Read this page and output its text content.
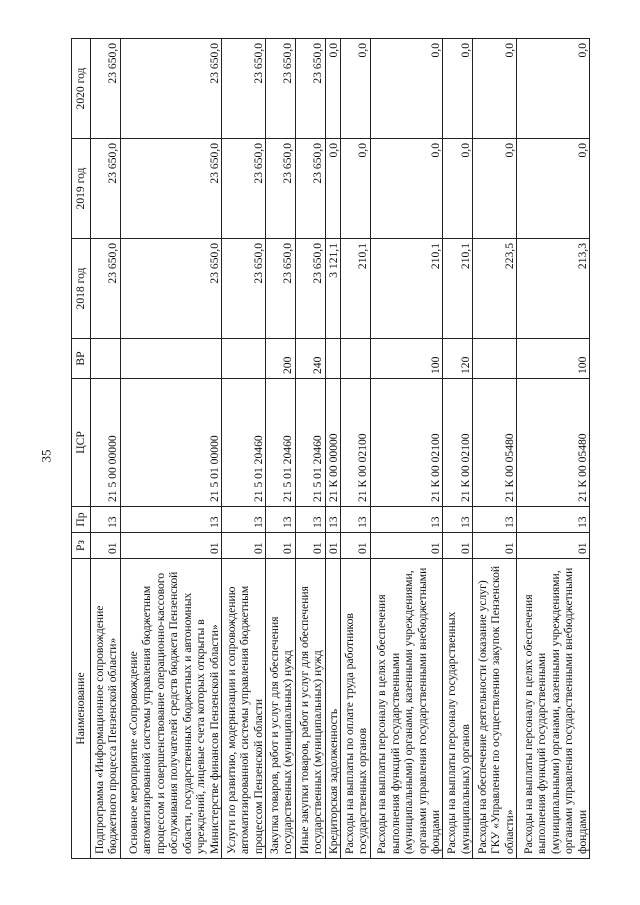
35
Наименование	Рз	Пр	ЦСР	ВР	2018 год	2019 год	2020 год
Подпрограмма «Информационное сопровождение бюджетного процесса Пензенской области»	01	13	21 5 00 00000		23 650,0	23 650,0	23 650,0
Основное мероприятие «Сопровождение автоматизированной системы управления бюджетным процессом и совершенствование операционно-кассового обслуживания получателей средств бюджета Пензенской области, государственных бюджетных и автономных учреждений, лицевые счета которых открыты в Министерстве финансов Пензенской области»	01	13	21 5 01 00000		23 650,0	23 650,0	23 650,0
Услуги по развитию, модернизации и сопровождению автоматизированной системы управления бюджетным процессом Пензенской области	01	13	21 5 01 20460		23 650,0	23 650,0	23 650,0
Закупка товаров, работ и услуг для обеспечения государственных (муниципальных) нужд	01	13	21 5 01 20460	200	23 650,0	23 650,0	23 650,0
Иные закупки товаров, работ и услуг для обеспечения государственных (муниципальных) нужд	01	13	21 5 01 20460	240	23 650,0	23 650,0	23 650,0
Кредиторская задолженность	01	13	21 К 00 00000		3 121,1	0,0	0,0
Расходы на выплаты по оплате труда работников государственных органов	01	13	21 К 00 02100		210,1	0,0	0,0
Расходы на выплаты персоналу в целях обеспечения выполнения функций государственными (муниципальными) органами, казенными учреждениями, органами управления государственными внебюджетными фондами	01	13	21 К 00 02100	100	210,1	0,0	0,0
Расходы на выплаты персоналу государственных (муниципальных) органов	01	13	21 К 00 02100	120	210,1	0,0	0,0
Расходы на обеспечение деятельности (оказание услуг) ГКУ «Управление по осуществлению закупок Пензенской области»	01	13	21 К 00 05480		223,5	0,0	0,0
Расходы на выплаты персоналу в целях обеспечения выполнения функций государственными (муниципальными) органами, казенными учреждениями, органами управления государственными внебюджетными фондами	01	13	21 К 00 05480	100	213,3	0,0	0,0
